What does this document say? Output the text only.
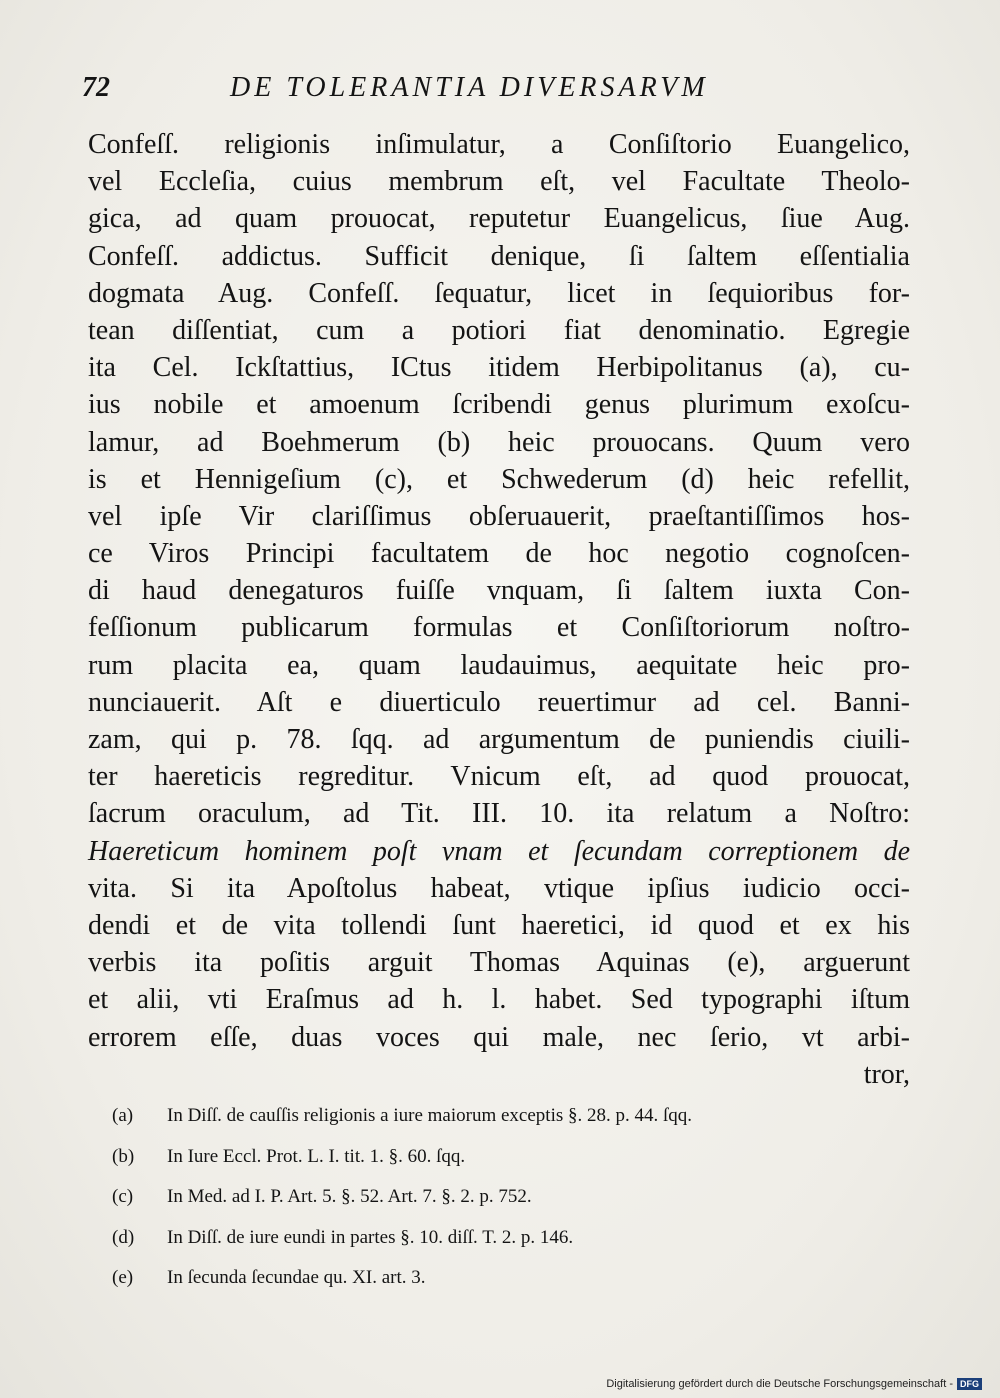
72	DE TOLERANTIA DIVERSARVM
Confeſſ. religionis inſimulatur, a Conſiſtorio Euangelico,
vel Eccleſia, cuius membrum eſt, vel Facultate Theolo-
gica, ad quam prouocat, reputetur Euangelicus, ſiue Aug.
Confeſſ. addictus. Sufficit denique, ſi ſaltem eſſentialia
dogmata Aug. Confeſſ. ſequatur, licet in ſequioribus for-
tean diſſentiat, cum a potiori fiat denominatio. Egregie
ita Cel. Ickſtattius, ICtus itidem Herbipolitanus (a), cu-
ius nobile et amoenum ſcribendi genus plurimum exoſcu-
lamur, ad Boehmerum (b) heic prouocans. Quum vero
is et Hennigeſium (c), et Schwederum (d) heic refellit,
vel ipſe Vir clariſſimus obſeruauerit, praeſtantiſſimos hos-
ce Viros Principi facultatem de hoc negotio cognoſcen-
di haud denegaturos fuiſſe vnquam, ſi ſaltem iuxta Con-
feſſionum publicarum formulas et Conſiſtoriorum noſtro-
rum placita ea, quam laudauimus, aequitate heic pro-
nunciauerit. Aſt e diuerticulo reuertimur ad cel. Banni-
zam, qui p. 78. ſqq. ad argumentum de puniendis ciuili-
ter haereticis regreditur. Vnicum eſt, ad quod prouocat,
ſacrum oraculum, ad Tit. III. 10. ita relatum a Noſtro:
Haereticum hominem poſt vnam et ſecundam correptionem de
vita. Si ita Apoſtolus habeat, vtique ipſius iudicio occi-
dendi et de vita tollendi ſunt haeretici, id quod et ex his
verbis ita poſitis arguit Thomas Aquinas (e), arguerunt
et alii, vti Eraſmus ad h. l. habet. Sed typographi iſtum
errorem eſſe, duas voces qui male, nec ſerio, vt arbi-
tror,
(a) In Diſſ. de cauſſis religionis a iure maiorum exceptis §. 28. p. 44. ſqq.
(b) In Iure Eccl. Prot. L. I. tit. 1. §. 60. ſqq.
(c) In Med. ad I. P. Art. 5. §. 52. Art. 7. §. 2. p. 752.
(d) In Diſſ. de iure eundi in partes §. 10. diſſ. T. 2. p. 146.
(e) In ſecunda ſecundae qu. XI. art. 3.
Digitalisierung gefördert durch die Deutsche Forschungsgemeinschaft - DFG
